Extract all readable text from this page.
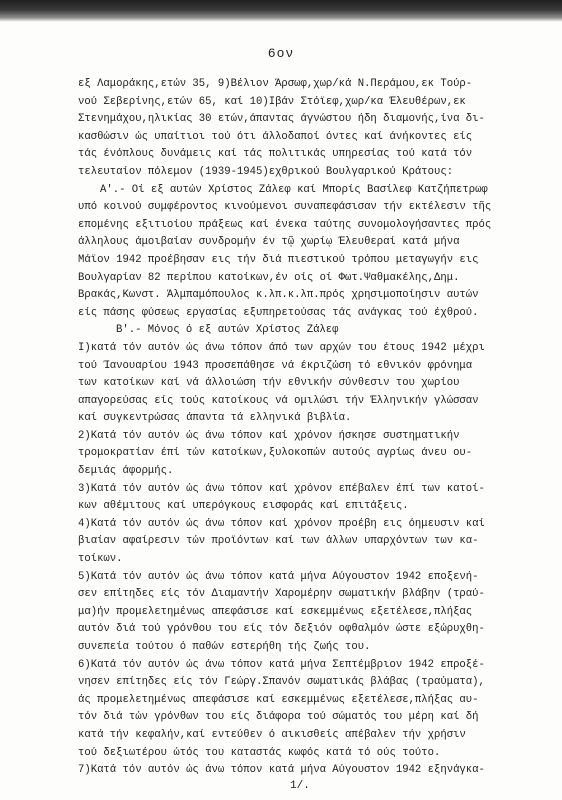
6ον
εξ Λαμοράκης,ετών 35, 9)Βέλιον Άρσωφ,χωρ/κά Ν.Περάμου,εκ Τούρ-
νού Σεβερίνης,ετών 65, καί 10)Ιβάν Στόϊεφ,χωρ/κα Έλευθέρων,εκ
Στενημάχου,ηλικίας 30 ετών,άπαντας άγνώστου ήδη διαμονής,ίνα δι-
κασθώσιν ώς υπαίτιοι τού ότι άλλοδαποί όντες καί άνήκοντες είς
τάς ένόπλους δυνάμεις καί τάς πολιτικάς υπηρεσίας τού κατά τόν
τελευταίον πόλεμον (1939-1945)εχθρικού Βουλγαρικού Κράτους:
Α'.- Οί εξ αυτών Χρίστος Ζάλεφ καί Μπορίς Βασίλεφ Κατζήπετρωφ
υπό κοινού συμφέροντος κινούμενοι συναπεφάσισαν τήν εκτέλεσιν τῆς
επομένης εξιτιοίου πράξεως καί ένεκα ταύτης συνομολογήσαντες πρός
άλληλους άμοιβαίαν συνδρομήν έν τῷ χωρίῳ Έλευθεραί κατά μήνα
Μάϊον 1942 προέβησαν εις τήν διά πιεστικού τρόπου μεταγωγήν εις
Βουλγαρίαν 82 περίπου κατοίκων,έν οίς οί Φωτ.Ψαθμακέλης,Δημ.
Βρακάς,Κωνστ. Άλμπαμόπουλος κ.λπ.κ.λπ.πρός χρησιμοποίησιν αυτών
είς πάσης φύσεως εργασίας εξυπηρετούσας τάς ανάγκας τού έχθρού.
Β'.- Μόνος ό εξ αυτών Χρίστος Ζάλεφ
Ι)κατά τόν αυτόν ώς άνω τόπον άπό των αρχών του έτους 1942 μέχρι
τού Ίανουαρίου 1943 προσεπάθησε νά έκριζώση τό εθνικόν φρόνημα
των κατοίκων καί νά άλλοιώση τήν εθνικήν σύνθεσιν του χωρίου
απαγορεύσας είς τούς κατοίκους νά ομιλώσι τήν Έλληνικήν γλώσσαν
καί συγκεντρώσας άπαντα τά ελληνικά βιβλία.
2)Κατά τόν αυτόν ώς άνω τόπον καί χρόνον ήσκησε συστηματικήν
τρομοκρατίαν έπί τών κατοίκων,ξυλοκοπών αυτούς αγρίως άνευ ου-
δεμιάς άφορμής.
3)Κατά τόν αυτόν ώς άνω τόπον καί χρόνον επέβαλεν έπί των κατοί-
κων αθέμιτους καί υπερόγκους εισφοράς καί επιτάξεις.
4)Κατά τόν αυτόν ώς άνω τόπον καί χρόνον προέβη εις όημευσιν καί
βιαίαν αφαίρεσιν τών προϊόντων καί των άλλων υπαρχόντων των κα-
τοίκων.
5)Κατά τόν αυτόν ώς άνω τόπον κατά μήνα Αύγουστον 1942 εποξενή-
σεν επίτηδες είς τόν Διαμαντήν Χαρομέρην σωματικήν βλάβην (τραύ-
μα)ήν προμελετημένως απεφάσισε καί εσκεμμένως εξετέλεσε,πλήξας
αυτόν διά τού γρόνθου του είς τόν δεξιόν οφθαλμόν ώστε εξώρυχθη-
συνεπεία τούτου ό παθών εστερήθη τής ζωής του.
6)Κατά τόν αυτόν ώς άνω τόπον κατά μήνα Σεπτέμβριον 1942 επροξέ-
νησεν επίτηδες είς τόν Γεώργ.Σπανόν σωματικάς βλάβας (τραύματα),
άς προμελετημένως απεφάσισε καί εσκεμμένως εξετέλεσε,πλήξας αυ-
τόν διά τών γρόνθων του είς διάφορα τού σώματός του μέρη καί δή
κατά τήν κεφαλήν,καί εντεύθεν ό αικισθείς απέβαλεν τήν χρήσιν
τού δεξιωτέρου ώτός του καταστάς κωφός κατά τό ούς τούτο.
7)Κατά τόν αυτόν ώς άνω τόπον κατά μήνα Αύγουστον 1942 εξηνάγκα-
1/.
